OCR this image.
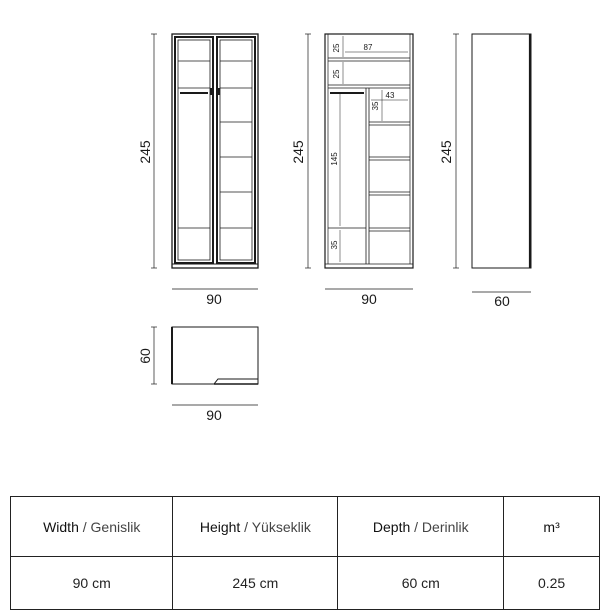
245
90
25	87
25
43
35
145
35
245
90
245
60
60
90
Width / Genislik	Height / Yükseklik	Depth / Derinlik	m³
90 cm	245 cm	60 cm	0.25
